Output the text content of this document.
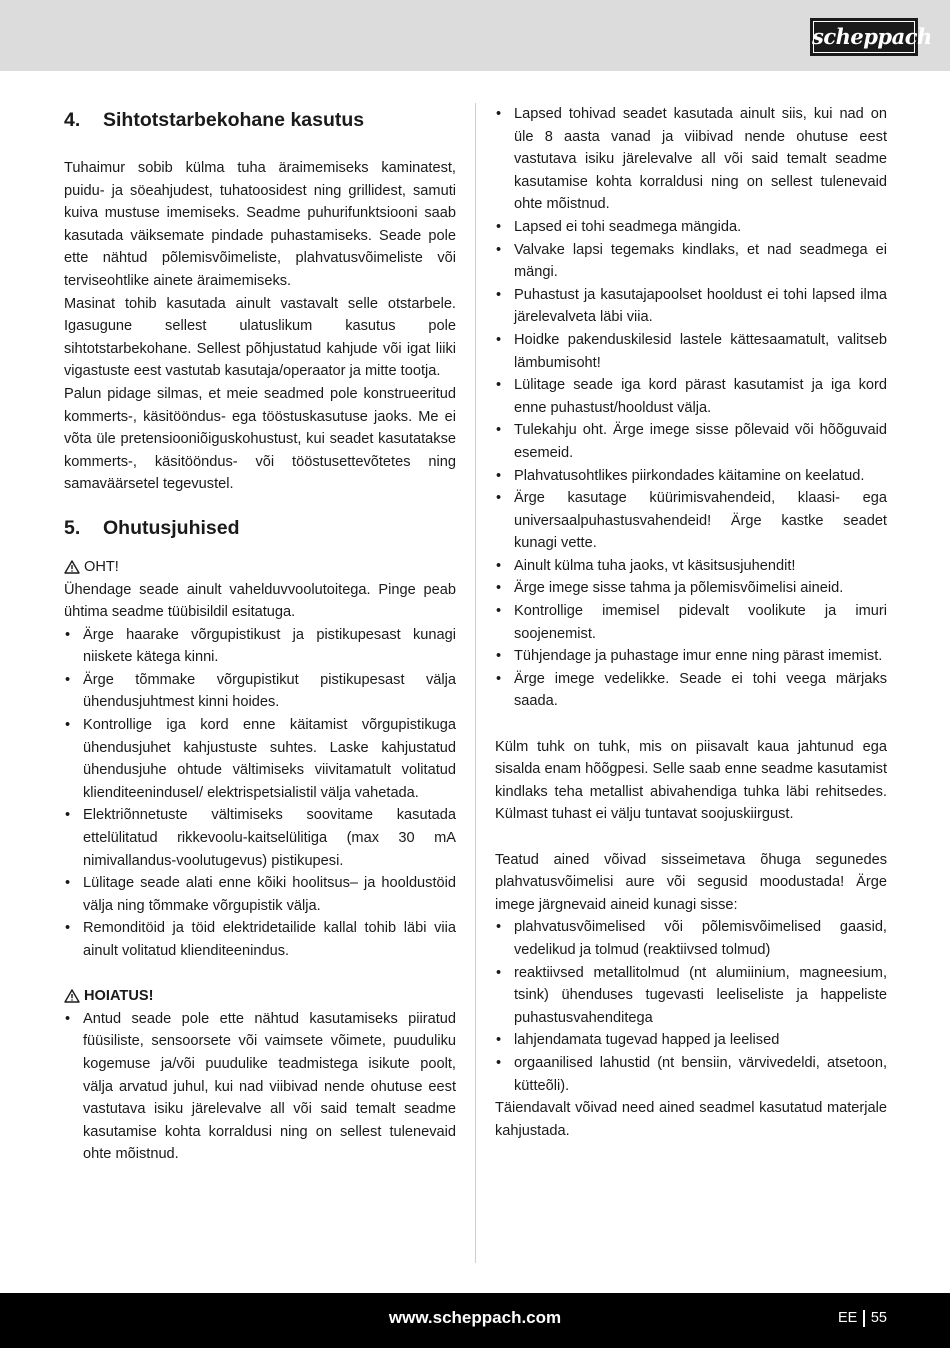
scheppach
4.	Sihtotstarbekohane kasutus

Tuhaimur sobib külma tuha äraimemiseks kaminatest, puidu- ja söeahjudest, tuhatoosidest ning grillidest, samuti kuiva mustuse imemiseks. Seadme puhurifunktsiooni saab kasutada väiksemate pindade puhastamiseks. Seade pole ette nähtud põlemisvõimeliste, plahvatusvõimeliste või terviseohtlike ainete äraimemiseks.

Masinat tohib kasutada ainult vastavalt selle otstarbele. Igasugune sellest ulatuslikum kasutus pole sihtotstarbekohane. Sellest põhjustatud kahjude või igat liiki vigastuste eest vastutab kasutaja/operaator ja mitte tootja.

Palun pidage silmas, et meie seadmed pole konstrueeritud kommerts-, käsitööndus- ega tööstuskasutuse jaoks. Me ei võta üle pretensiooniõiguskohustust, kui seadet kasutatakse kommerts-, käsitööndus- või tööstusettevõtetes ning samaväärsetel tegevustel.

5.	Ohutusjuhised
OHT!

Ühendage seade ainult vahelduvvoolutoitega. Pinge peab ühtima seadme tüübisildil esitatuga.

• Ärge haarake võrgupistikust ja pistikupesast kunagi niiskete kätega kinni.
• Ärge tõmmake võrgupistikut pistikupesast välja ühendusjuhtmest kinni hoides.
• Kontrollige iga kord enne käitamist võrgupistikuga ühendusjuhet kahjustuste suhtes. Laske kahjustatud ühendusjuhe ohtude vältimiseks viivitamatult volitatud klienditeenindusel/ elektrispetsialistil välja vahetada.
• Elektriõnnetuste vältimiseks soovitame kasutada ettelülitatud rikkevoolu-kaitselülitiga (max 30 mA nimivallandus-voolutugevus) pistikupesi.
• Lülitage seade alati enne kõiki hoolitsus– ja hooldustöid välja ning tõmmake võrgupistik välja.
• Remonditöid ja töid elektridetailide kallal tohib läbi viia ainult volitatud klienditeenindus.
HOIATUS!
• Antud seade pole ette nähtud kasutamiseks piiratud füüsiliste, sensoorsete või vaimsete võimete, puuduliku kogemuse ja/või puudulike teadmistega isikute poolt, välja arvatud juhul, kui nad viibivad nende ohutuse eest vastutava isiku järelevalve all või said temalt seadme kasutamise kohta korraldusi ning on sellest tulenevaid ohte mõistnud.
• Lapsed tohivad seadet kasutada ainult siis, kui nad on üle 8 aasta vanad ja viibivad nende ohutuse eest vastutava isiku järelevalve all või said temalt seadme kasutamise kohta korraldusi ning on sellest tulenevaid ohte mõistnud.
• Lapsed ei tohi seadmega mängida.
• Valvake lapsi tegemaks kindlaks, et nad seadmega ei mängi.
• Puhastust ja kasutajapoolset hooldust ei tohi lapsed ilma järelevalveta läbi viia.
• Hoidke pakenduskilesid lastele kättesaamatult, valitseb lämbumisoht!
• Lülitage seade iga kord pärast kasutamist ja iga kord enne puhastust/hooldust välja.
• Tulekahju oht. Ärge imege sisse põlevaid või hõõguvaid esemeid.
• Plahvatusohtlikes piirkondades käitamine on keelatud.
• Ärge kasutage küürimisvahendeid, klaasi- ega universaalpuhastusvahendeid! Ärge kastke seadet kunagi vette.
• Ainult külma tuha jaoks, vt käsitsusjuhendit!
• Ärge imege sisse tahma ja põlemisvõimelisi aineid.
• Kontrollige imemisel pidevalt voolikute ja imuri soojenemist.
• Tühjendage ja puhastage imur enne ning pärast imemist.
• Ärge imege vedelikke. Seade ei tohi veega märjaks saada.

Külm tuhk on tuhk, mis on piisavalt kaua jahtunud ega sisalda enam hõõgpesi. Selle saab enne seadme kasutamist kindlaks teha metallist abivahendiga tuhka läbi rehitsedes. Külmast tuhast ei välju tuntavat soojuskiirgust.

Teatud ained võivad sisseimetava õhuga segunedes plahvatusvõimelisi aure või segusid moodustada! Ärge imege järgnevaid aineid kunagi sisse:

• plahvatusvõimelised või põlemisvõimelised gaasid, vedelikud ja tolmud (reaktiivsed tolmud)
• reaktiivsed metallitolmud (nt alumiinium, magneesium, tsink) ühenduses tugevasti leeliseliste ja happeliste puhastusvahenditega
• lahjendamata tugevad happed ja leelised
• orgaanilised lahustid (nt bensiin, värvivedeldi, atsetoon, kütteõli).

Täiendavalt võivad need ained seadmel kasutatud materjale kahjustada.

www.scheppach.com	EE 55
